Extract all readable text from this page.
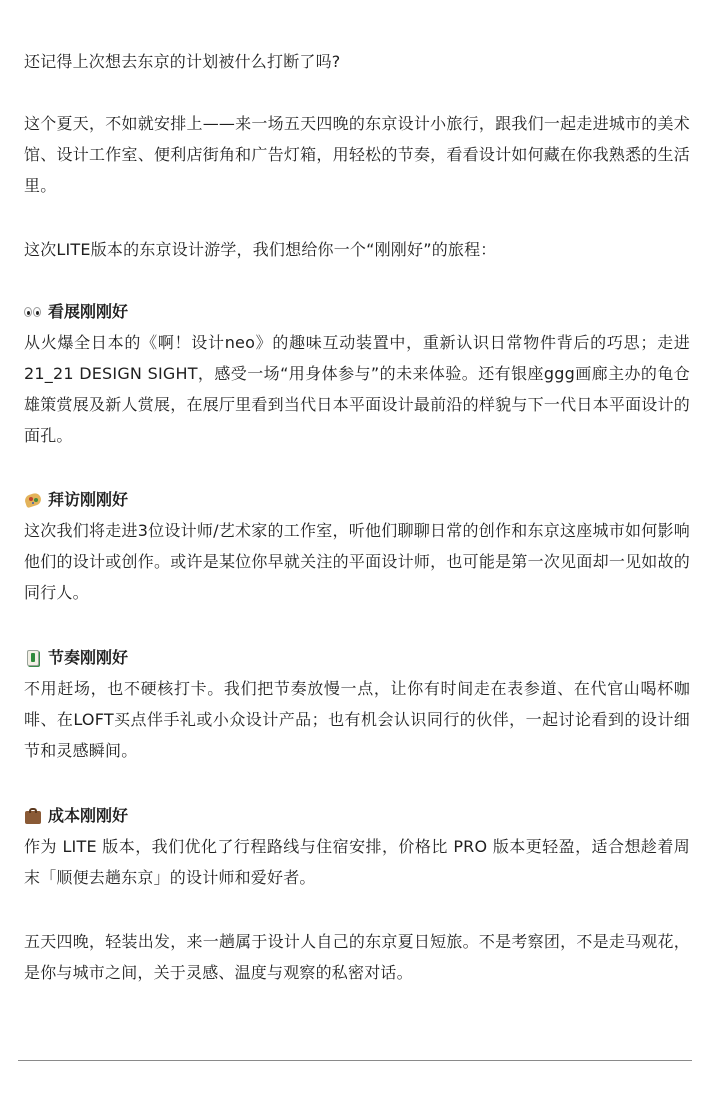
还记得上次想去东京的计划被什么打断了吗?

这个夏天，不如就安排上——来一场五天四晚的东京设计小旅行，跟我们一起走进城市的美术馆、设计工作室、便利店街角和广告灯箱，用轻松的节奏，看看设计如何藏在你我熟悉的生活里。

这次LITE版本的东京设计游学，我们想给你一个“刚刚好”的旅程：

看展刚刚好

从火爆全日本的《啊！设计neo》的趣味互动装置中，重新认识日常物件背后的巧思；走进21_21 DESIGN SIGHT，感受一场“用身体参与”的未来体验。还有银座ggg画廊主办的龟仓雄策赏展及新人赏展，在展厅里看到当代日本平面设计最前沿的样貌与下一代日本平面设计的面孔。

拜访刚刚好

这次我们将走进3位设计师/艺术家的工作室，听他们聊聊日常的创作和东京这座城市如何影响他们的设计或创作。或许是某位你早就关注的平面设计师，也可能是第一次见面却一见如故的同行人。

节奏刚刚好

不用赶场，也不硬核打卡。我们把节奏放慢一点，让你有时间走在表参道、在代官山喝杯咖啡、在LOFT买点伴手礼或小众设计产品；也有机会认识同行的伙伴，一起讨论看到的设计细节和灵感瞬间。

成本刚刚好

作为 LITE 版本，我们优化了行程路线与住宿安排，价格比 PRO 版本更轻盈，适合想趁着周末「顺便去趟东京」的设计师和爱好者。

五天四晚，轻装出发，来一趟属于设计人自己的东京夏日短旅。不是考察团，不是走马观花，是你与城市之间，关于灵感、温度与观察的私密对话。
